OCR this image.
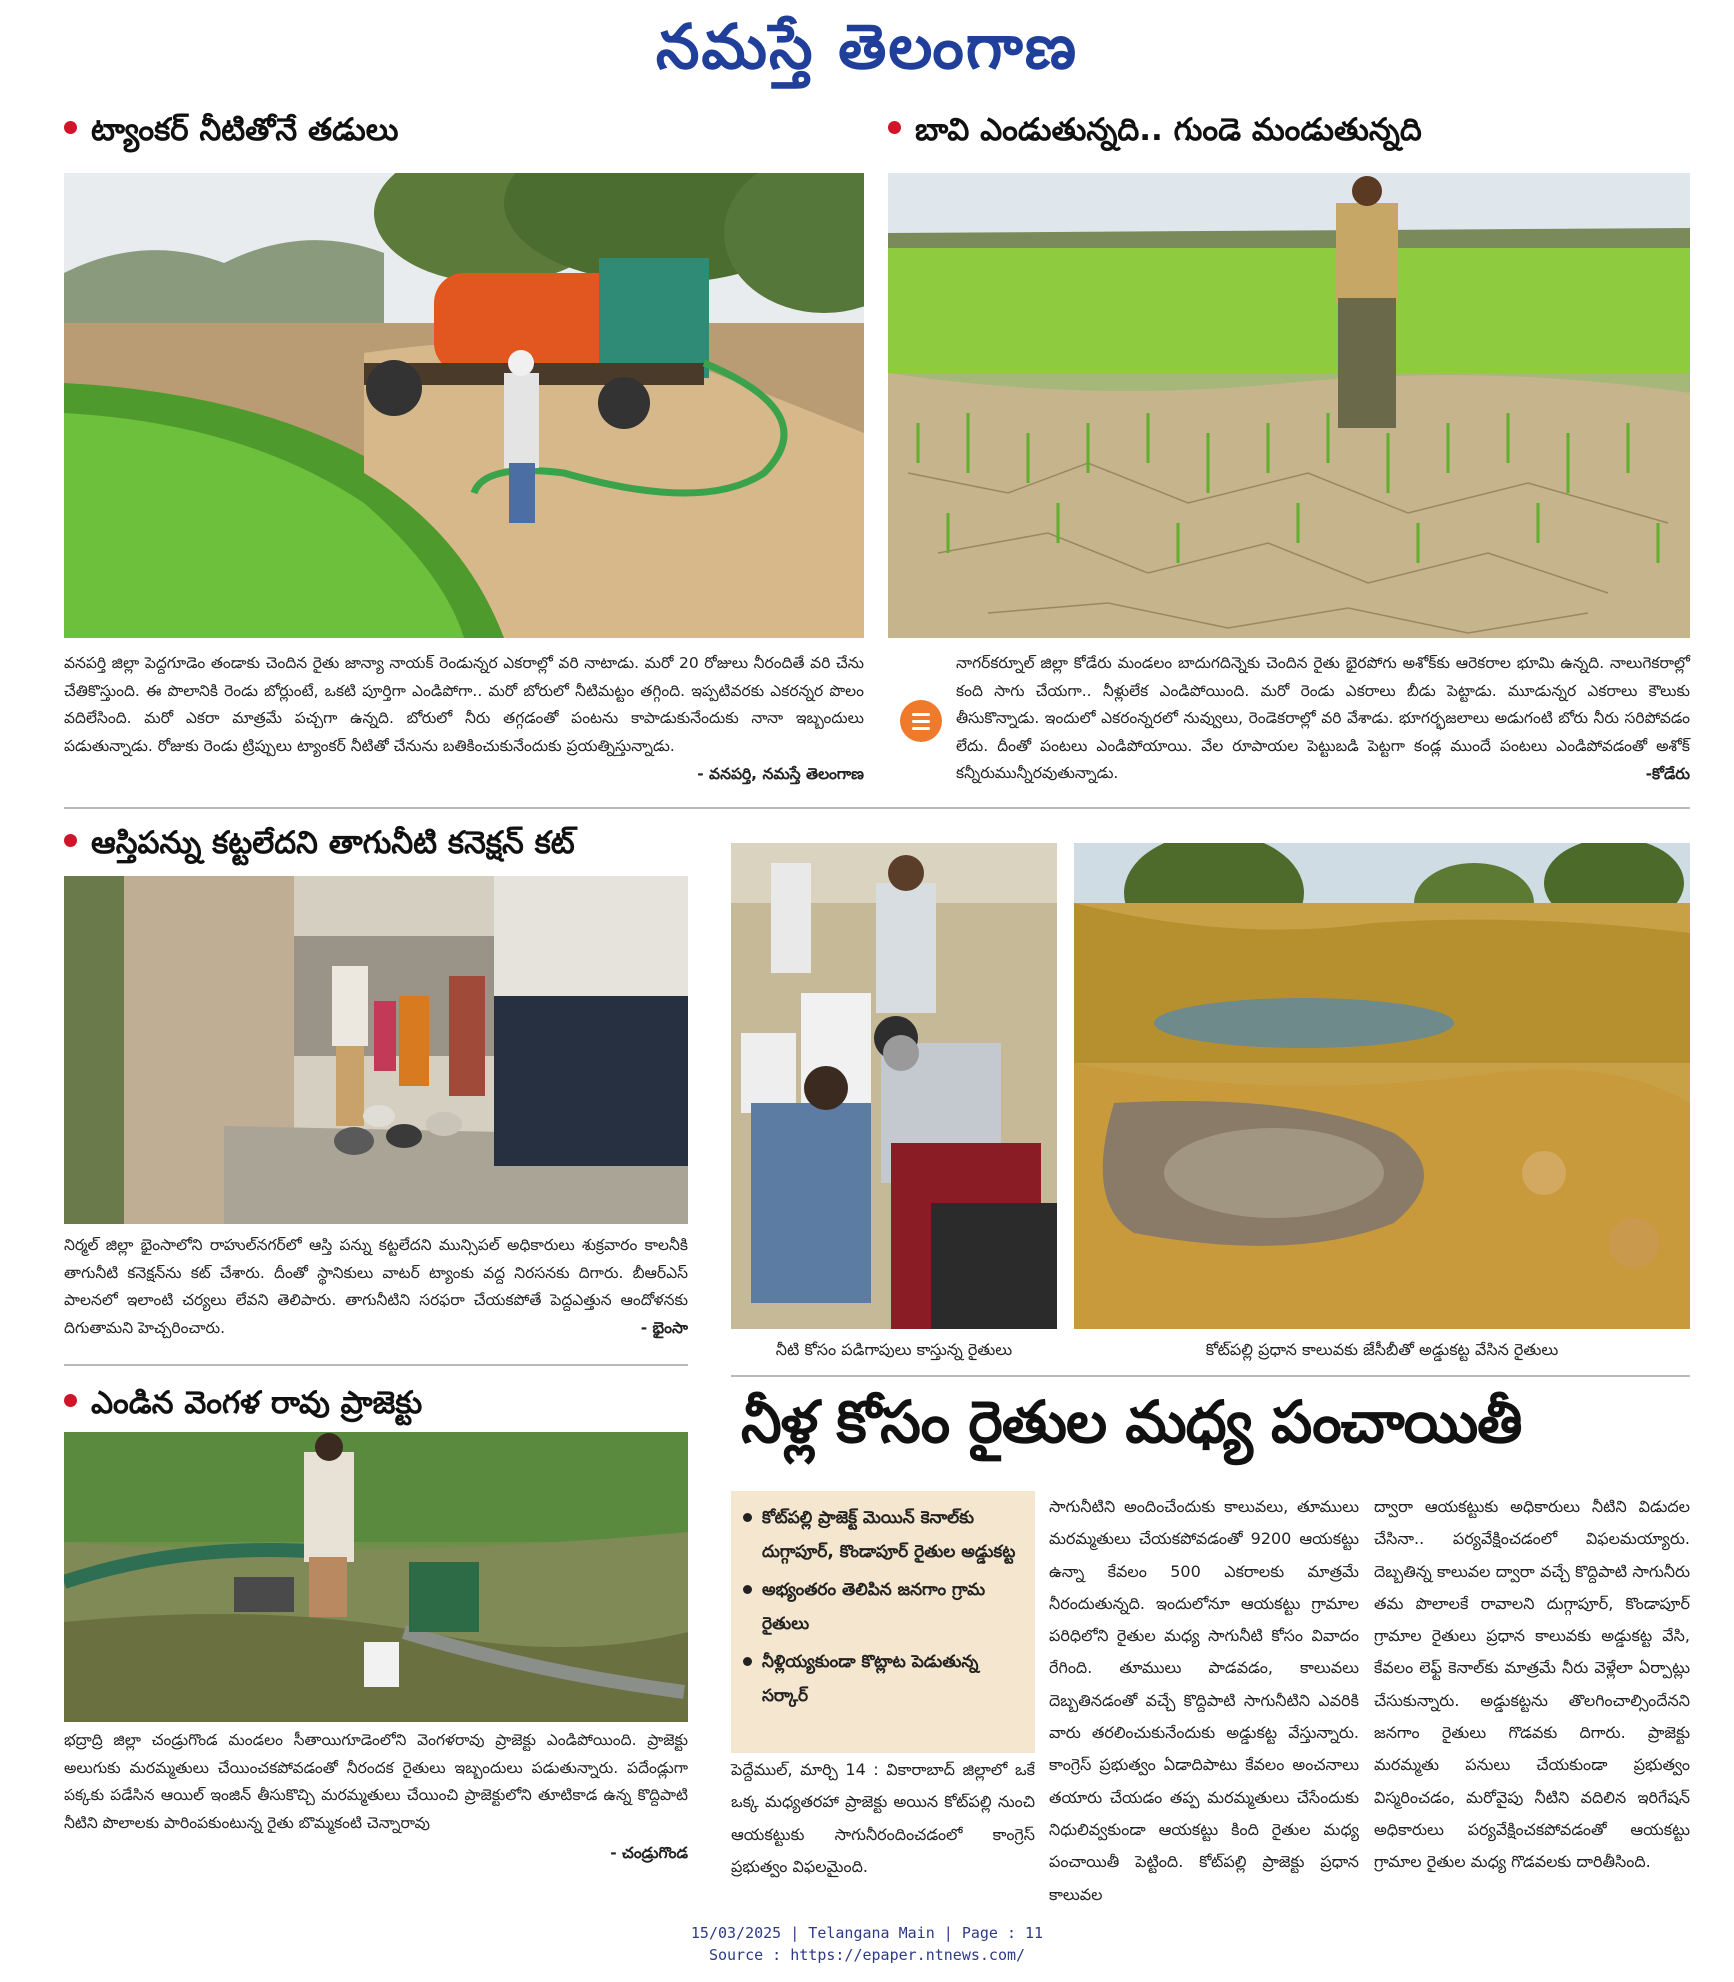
నమస్తే తెలంగాణ
ట్యాంకర్ నీటితోనే తడులు
వనపర్తి జిల్లా పెద్దగూడెం తండాకు చెందిన రైతు జాన్యా నాయక్ రెండున్నర ఎకరాల్లో వరి నాటాడు. మరో 20 రోజులు నీరందితే వరి చేను చేతికొస్తుంది. ఈ పొలానికి రెండు బోర్లుంటే, ఒకటి పూర్తిగా ఎండిపోగా.. మరో బోరులో నీటిమట్టం తగ్గింది. ఇప్పటివరకు ఎకరన్నర పొలం వదిలేసింది. మరో ఎకరా మాత్రమే పచ్చగా ఉన్నది. బోరులో నీరు తగ్గడంతో పంటను కాపాడుకునేందుకు నానా ఇబ్బందులు పడుతున్నాడు. రోజుకు రెండు ట్రిప్పులు ట్యాంకర్ నీటితో చేనును బతికించుకునేందుకు ప్రయత్నిస్తున్నాడు.
- వనపర్తి, నమస్తే తెలంగాణ
బావి ఎండుతున్నది.. గుండె మండుతున్నది
నాగర్‌కర్నూల్ జిల్లా కోడేరు మండలం బాదుగదిన్నెకు చెందిన రైతు భైరపోగు అశోక్‌కు ఆరెకరాల భూమి ఉన్నది. నాలుగెకరాల్లో కంది సాగు చేయగా.. నీళ్లులేక ఎండిపోయింది. మరో రెండు ఎకరాలు బీడు పెట్టాడు. మూడున్నర ఎకరాలు కౌలుకు తీసుకొన్నాడు. ఇందులో ఎకరంన్నరలో నువ్వులు, రెండెకరాల్లో వరి వేశాడు. భూగర్భజలాలు అడుగంటి బోరు నీరు సరిపోవడం లేదు. దీంతో పంటలు ఎండిపోయాయి. వేల రూపాయల పెట్టుబడి పెట్టగా కండ్ల ముందే పంటలు ఎండిపోవడంతో అశోక్ కన్నీరుమున్నీరవుతున్నాడు.	-కోడేరు
ఆస్తిపన్ను కట్టలేదని తాగునీటి కనెక్షన్ కట్
నిర్మల్ జిల్లా భైంసాలోని రాహుల్‌నగర్‌లో ఆస్తి పన్ను కట్టలేదని మున్సిపల్ అధికారులు శుక్రవారం కాలనీకి తాగునీటి కనెక్షన్‌ను కట్ చేశారు. దీంతో స్థానికులు వాటర్ ట్యాంకు వద్ద నిరసనకు దిగారు. బీఆర్‌ఎస్ పాలనలో ఇలాంటి చర్యలు లేవని తెలిపారు. తాగునీటిని సరఫరా చేయకపోతే పెద్దఎత్తున ఆందోళనకు దిగుతామని హెచ్చరించారు.	- భైంసా
నీటి కోసం పడిగాపులు కాస్తున్న రైతులు	కోట్‌పల్లి ప్రధాన కాలువకు జేసీబీతో అడ్డుకట్ట వేసిన రైతులు
ఎండిన వెంగళ రావు ప్రాజెక్టు
భద్రాద్రి జిల్లా చండ్రుగొండ మండలం సీతాయిగూడెంలోని వెంగళరావు ప్రాజెక్టు ఎండిపోయింది. ప్రాజెక్టు అలుగుకు మరమ్మతులు చేయించకపోవడంతో నీరందక రైతులు ఇబ్బందులు పడుతున్నారు. పదేండ్లుగా పక్కకు పడేసిన ఆయిల్ ఇంజిన్ తీసుకొచ్చి మరమ్మతులు చేయించి ప్రాజెక్టులోని తూటికాడ ఉన్న కొద్దిపాటి నీటిని పొలాలకు పారింపకుంటున్న రైతు బొమ్మకంటి చెన్నారావు
- చండ్రుగొండ
నీళ్ల కోసం రైతుల మధ్య పంచాయితీ
కోట్‌పల్లి ప్రాజెక్ట్ మెయిన్ కెనాల్‌కు దుగ్గాపూర్, కొండాపూర్ రైతుల అడ్డుకట్ట
అభ్యంతరం తెలిపిన జనగాం గ్రామ రైతులు
నీళ్లియ్యకుండా కొట్లాట పెడుతున్న సర్కార్
పెద్దేముల్, మార్చి 14 : వికారాబాద్ జిల్లాలో ఒకే ఒక్క మధ్యతరహా ప్రాజెక్టు అయిన కోట్‌పల్లి నుంచి ఆయకట్టుకు సాగునీరందించడంలో కాంగ్రెస్ ప్రభుత్వం విఫలమైంది.
సాగునీటిని అందించేందుకు కాలువలు, తూములు మరమ్మతులు చేయకపోవడంతో 9200 ఆయకట్టు ఉన్నా కేవలం 500 ఎకరాలకు మాత్రమే నీరందుతున్నది. ఇందులోనూ ఆయకట్టు గ్రామాల పరిధిలోని రైతుల మధ్య సాగునీటి కోసం వివాదం రేగింది. తూములు పాడవడం, కాలువలు దెబ్బతినడంతో వచ్చే కొద్దిపాటి సాగునీటిని ఎవరికి వారు తరలించుకునేందుకు అడ్డుకట్ట వేస్తున్నారు. కాంగ్రెస్ ప్రభుత్వం ఏడాదిపాటు కేవలం అంచనాలు తయారు చేయడం తప్ప మరమ్మతులు చేసేందుకు నిధులివ్వకుండా ఆయకట్టు కింది రైతుల మధ్య పంచాయితీ పెట్టింది. కోట్‌పల్లి ప్రాజెక్టు ప్రధాన కాలువల
ద్వారా ఆయకట్టుకు అధికారులు నీటిని విడుదల చేసినా.. పర్యవేక్షించడంలో విఫలమయ్యారు. దెబ్బతిన్న కాలువల ద్వారా వచ్చే కొద్దిపాటి సాగునీరు తమ పొలాలకే రావాలని దుగ్గాపూర్, కొండాపూర్ గ్రామాల రైతులు ప్రధాన కాలువకు అడ్డుకట్ట వేసి, కేవలం లెఫ్ట్ కెనాల్‌కు మాత్రమే నీరు వెళ్లేలా ఏర్పాట్లు చేసుకున్నారు. అడ్డుకట్టను తొలగించాల్సిందేనని జనగాం రైతులు గొడవకు దిగారు. ప్రాజెక్టు మరమ్మతు పనులు చేయకుండా ప్రభుత్వం విస్మరించడం, మరోవైపు నీటిని వదిలిన ఇరిగేషన్ అధికారులు పర్యవేక్షించకపోవడంతో ఆయకట్టు గ్రామాల రైతుల మధ్య గొడవలకు దారితీసింది.
15/03/2025 | Telangana Main | Page : 11
Source : https://epaper.ntnews.com/
